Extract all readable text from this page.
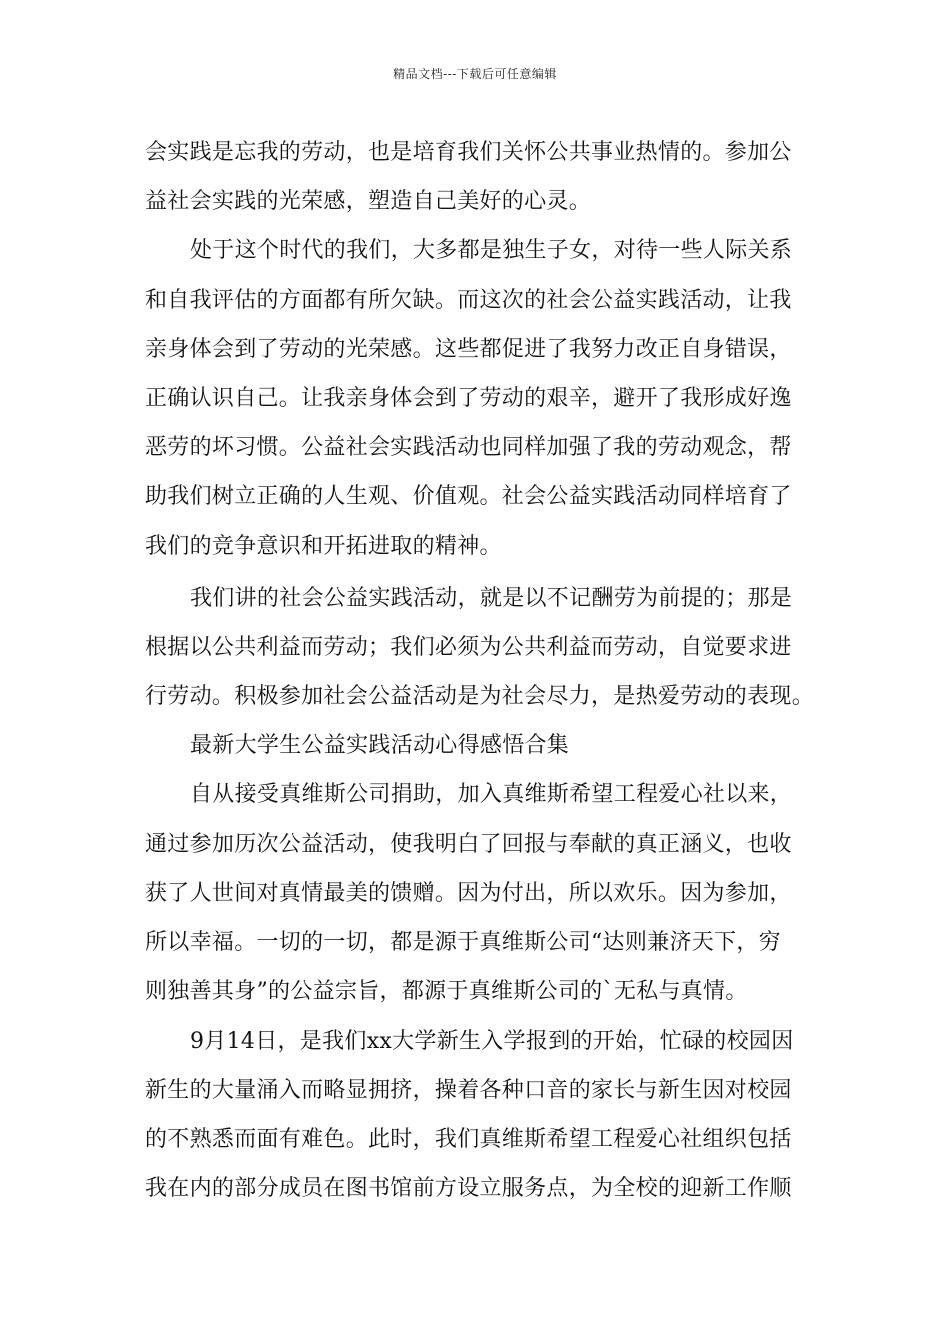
精品文档---下载后可任意编辑
会实践是忘我的劳动，也是培育我们关怀公共事业热情的。参加公
益社会实践的光荣感，塑造自己美好的心灵。
处于这个时代的我们，大多都是独生子女，对待一些人际关系
和自我评估的方面都有所欠缺。而这次的社会公益实践活动，让我
亲身体会到了劳动的光荣感。这些都促进了我努力改正自身错误，
正确认识自己。让我亲身体会到了劳动的艰辛，避开了我形成好逸
恶劳的坏习惯。公益社会实践活动也同样加强了我的劳动观念，帮
助我们树立正确的人生观、价值观。社会公益实践活动同样培育了
我们的竞争意识和开拓进取的精神。
我们讲的社会公益实践活动，就是以不记酬劳为前提的；那是
根据以公共利益而劳动；我们必须为公共利益而劳动，自觉要求进
行劳动。积极参加社会公益活动是为社会尽力，是热爱劳动的表现。
最新大学生公益实践活动心得感悟合集
自从接受真维斯公司捐助，加入真维斯希望工程爱心社以来，
通过参加历次公益活动，使我明白了回报与奉献的真正涵义，也收
获了人世间对真情最美的馈赠。因为付出，所以欢乐。因为参加，
所以幸福。一切的一切，都是源于真维斯公司“达则兼济天下，穷
则独善其身”的公益宗旨，都源于真维斯公司的`无私与真情。
9月14日，是我们xx大学新生入学报到的开始，忙碌的校园因
新生的大量涌入而略显拥挤，操着各种口音的家长与新生因对校园
的不熟悉而面有难色。此时，我们真维斯希望工程爱心社组织包括
我在内的部分成员在图书馆前方设立服务点，为全校的迎新工作顺
